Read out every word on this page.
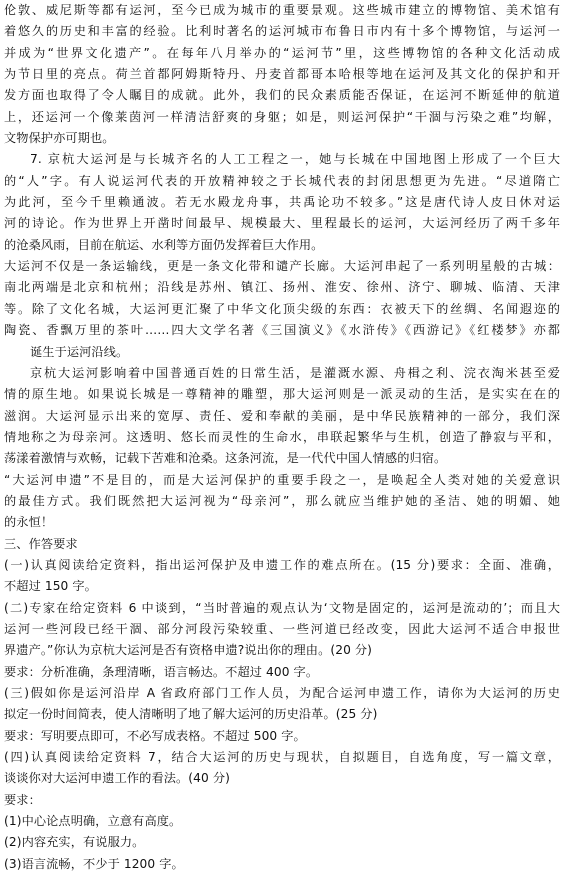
伦敦、威尼斯等都有运河，至今已成为城市的重要景观。这些城市建立的博物馆、美术馆有
着悠久的历史和丰富的经验。比利时著名的运河城市布鲁日市内有十多个博物馆，与运河一
并成为“世界文化遗产”。在每年八月举办的“运河节”里，这些博物馆的各种文化活动成
为节日里的亮点。荷兰首都阿姆斯特丹、丹麦首都哥本哈根等地在运河及其文化的保护和开
发方面也取得了令人瞩目的成就。此外，我们的民众素质能否保证，在运河不断延伸的航道
上，还运河一个像莱茵河一样清洁舒爽的身躯；如是，则运河保护“干涸与污染之难”均解，
文物保护亦可期也。
7. 京杭大运河是与长城齐名的人工工程之一，她与长城在中国地图上形成了一个巨大
的“人”字。有人说运河代表的开放精神较之于长城代表的封闭思想更为先进。“尽道隋亡
为此河，至今千里赖通波。若无水殿龙舟事，共禹论功不较多。”这是唐代诗人皮日休对运
河的诗论。作为世界上开凿时间最早、规模最大、里程最长的运河，大运河经历了两千多年
的沧桑风雨，目前在航运、水利等方面仍发挥着巨大作用。
大运河不仅是一条运输线，更是一条文化带和谴产长廊。大运河串起了一系列明星般的古城：
南北两端是北京和杭州；沿线是苏州、镇江、扬州、淮安、徐州、济宁、聊城、临清、天津
等。除了文化名城，大运河更汇聚了中华文化顶尖级的东西：衣被天下的丝绸、名闻遐迩的
陶瓷、香飘万里的茶叶……四大文学名著《三国演义》《水浒传》《西游记》《红楼梦》亦都
诞生于运河沿线。
京杭大运河影响着中国普通百姓的日常生活，是灌溉水源、舟楫之利、浣衣淘米甚至爱
情的原生地。如果说长城是一尊精神的雕塑，那大运河则是一派灵动的生活，是实实在在的
滋润。大运河显示出来的宽厚、责任、爱和奉献的美丽，是中华民族精神的一部分，我们深
情地称之为母亲河。这透明、悠长而灵性的生命水，串联起繁华与生机，创造了静寂与平和，
荡漾着激情与欢畅，记载下苦难和沧桑。这条河流，是一代代中国人情感的归宿。
“大运河申遗”不是目的，而是大运河保护的重要手段之一，是唤起全人类对她的关爱意识
的最佳方式。我们既然把大运河视为“母亲河”，那么就应当维护她的圣洁、她的明媚、她
的永恒！
三、作答要求
(一)认真阅读给定资料，指出运河保护及申遗工作的难点所在。(15 分)要求：全面、准确，
不超过 150 字。
(二)专家在给定资料 6 中谈到，“当时普遍的观点认为‘文物是固定的，运河是流动的’；而且大
运河一些河段已经干涸、部分河段污染较重、一些河道已经改变，因此大运河不适合申报世
界遗产。”你认为京杭大运河是否有资格申遗?说出你的理由。(20 分)
要求：分析准确，条理清晰，语言畅达。不超过 400 字。
(三)假如你是运河沿岸 A 省政府部门工作人员，为配合运河申遗工作，请你为大运河的历史
拟定一份时间简表，使人清晰明了地了解大运河的历史沿革。(25 分)
要求：写明要点即可，不必写成表格。不超过 500 字。
(四)认真阅读给定资料 7，结合大运河的历史与现状，自拟题目，自选角度，写一篇文章，
谈谈你对大运河申遗工作的看法。(40 分)
要求：
(1)中心论点明确，立意有高度。
(2)内容充实，有说服力。
(3)语言流畅，不少于 1200 字。
